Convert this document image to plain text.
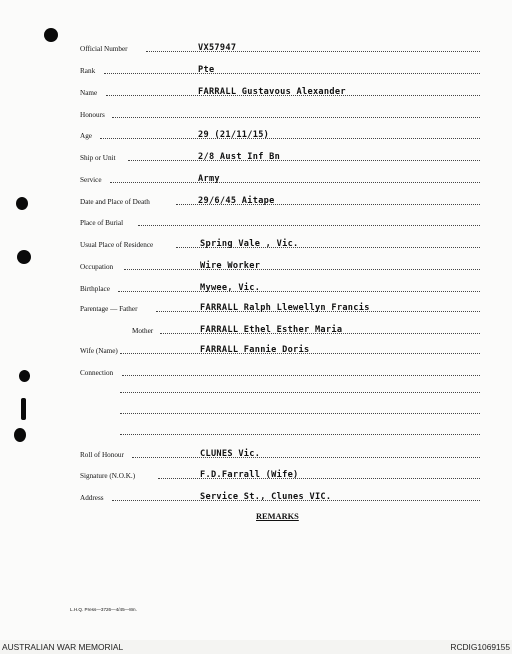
Official Number	VX57947
Rank	Pte
Name	FARRALL Gustavous Alexander
Honours
Age	29 (21/11/15)
Ship or Unit	2/8 Aust Inf Bn
Service	Army
Date and Place of Death	29/6/45 Aitape
Place of Burial
Usual Place of Residence	Spring Vale , Vic.
Occupation	Wire Worker
Birthplace	Mywee, Vic.
Parentage — Father	FARRALL Ralph Llewellyn Francis
Mother	FARRALL Ethel Esther Maria
Wife (Name)	FARRALL Fannie Doris
Connection
Roll of Honour	CLUNES Vic.
Signature (N.O.K.)	F.D.Farrall (Wife)
Address	Service St., Clunes VIC.
REMARKS
L.H.Q. Press—3726—4/45—8m.
AUSTRALIAN WAR MEMORIAL	RCDIG1069155
